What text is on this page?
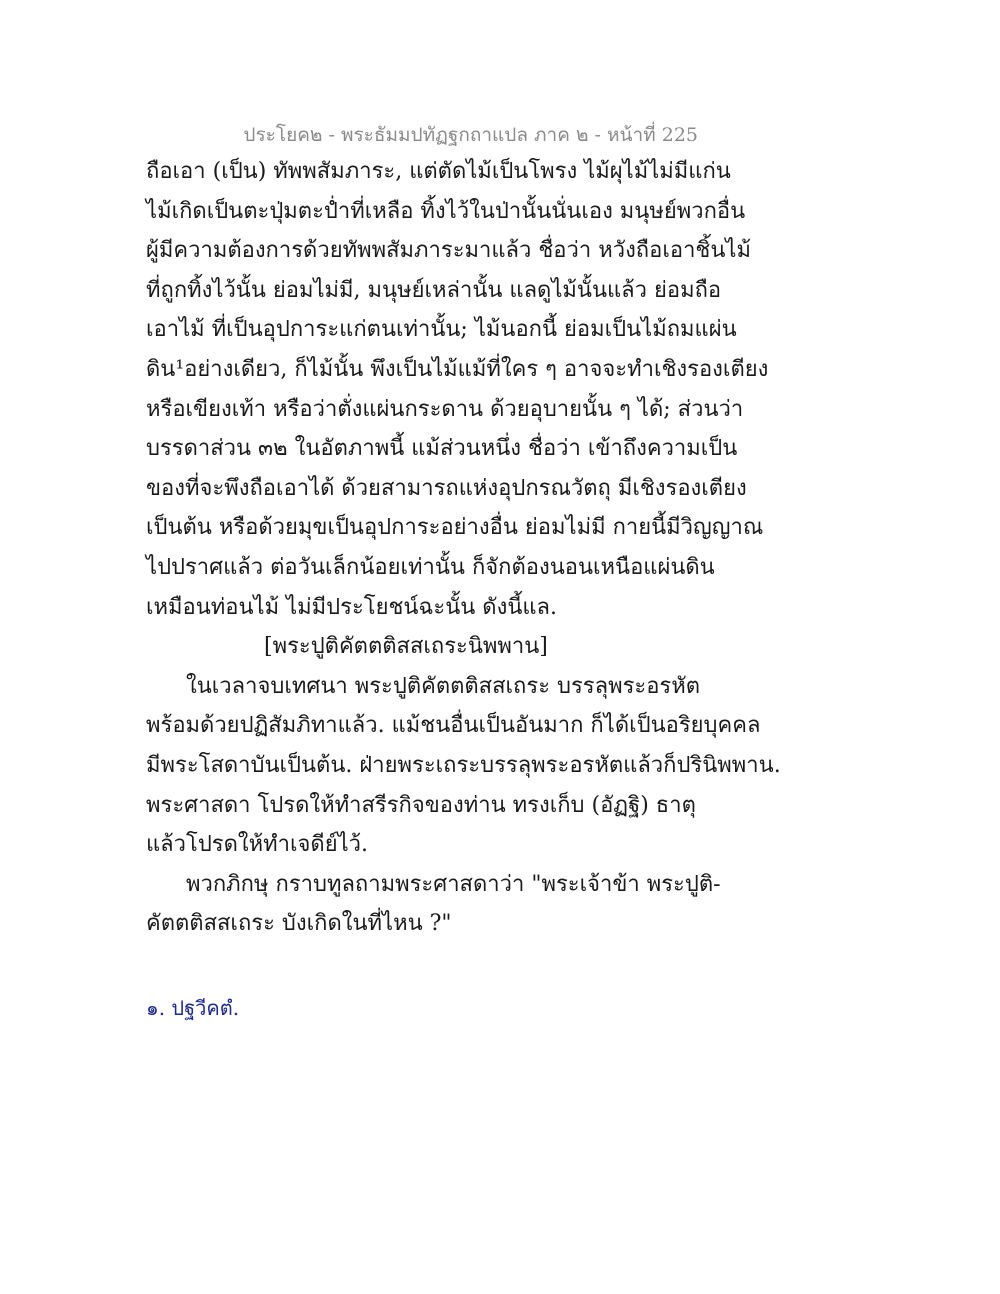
ประโยค๒ - พระธัมมปทัฏฐกถาแปล ภาค ๒ - หน้าที่ 225
ถือเอา (เป็น) ทัพพสัมภาระ, แต่ตัดไม้เป็นโพรง ไม้ผุไม้ไม่มีแก่น
ไม้เกิดเป็นตะปุ่มตะป่ำที่เหลือ ทิ้งไว้ในป่านั้นนั่นเอง มนุษย์พวกอื่น
ผู้มีความต้องการด้วยทัพพสัมภาระมาแล้ว ชื่อว่า หวังถือเอาชิ้นไม้
ที่ถูกทิ้งไว้นั้น ย่อมไม่มี, มนุษย์เหล่านั้น แลดูไม้นั้นแล้ว ย่อมถือ
เอาไม้ ที่เป็นอุปการะแก่ตนเท่านั้น; ไม้นอกนี้ ย่อมเป็นไม้ถมแผ่น
ดิน¹อย่างเดียว, ก็ไม้นั้น พึงเป็นไม้แม้ที่ใคร ๆ อาจจะทำเชิงรองเตียง
หรือเขียงเท้า หรือว่าตั่งแผ่นกระดาน ด้วยอุบายนั้น ๆ ได้; ส่วนว่า
บรรดาส่วน ๓๒ ในอัตภาพนี้ แม้ส่วนหนึ่ง ชื่อว่า เข้าถึงความเป็น
ของที่จะพึงถือเอาได้ ด้วยสามารถแห่งอุปกรณวัตถุ มีเชิงรองเตียง
เป็นต้น หรือด้วยมุขเป็นอุปการะอย่างอื่น ย่อมไม่มี กายนี้มีวิญญาณ
ไปปราศแล้ว ต่อวันเล็กน้อยเท่านั้น ก็จักต้องนอนเหนือแผ่นดิน
เหมือนท่อนไม้ ไม่มีประโยชน์ฉะนั้น ดังนี้แล.
[พระปูติคัตตติสสเถระนิพพาน]
ในเวลาจบเทศนา พระปูติคัตตติสสเถระ บรรลุพระอรหัต
พร้อมด้วยปฏิสัมภิทาแล้ว. แม้ชนอื่นเป็นอันมาก ก็ได้เป็นอริยบุคคล
มีพระโสดาบันเป็นต้น. ฝ่ายพระเถระบรรลุพระอรหัตแล้วก็ปรินิพพาน.
พระศาสดา โปรดให้ทำสรีรกิจของท่าน ทรงเก็บ (อัฏฐิ) ธาตุ
แล้วโปรดให้ทำเจดีย์ไว้.
พวกภิกษุ กราบทูลถามพระศาสดาว่า "พระเจ้าข้า พระปูติ-
คัตตติสสเถระ บังเกิดในที่ไหน ?"
๑. ปฐวีคตํ.
